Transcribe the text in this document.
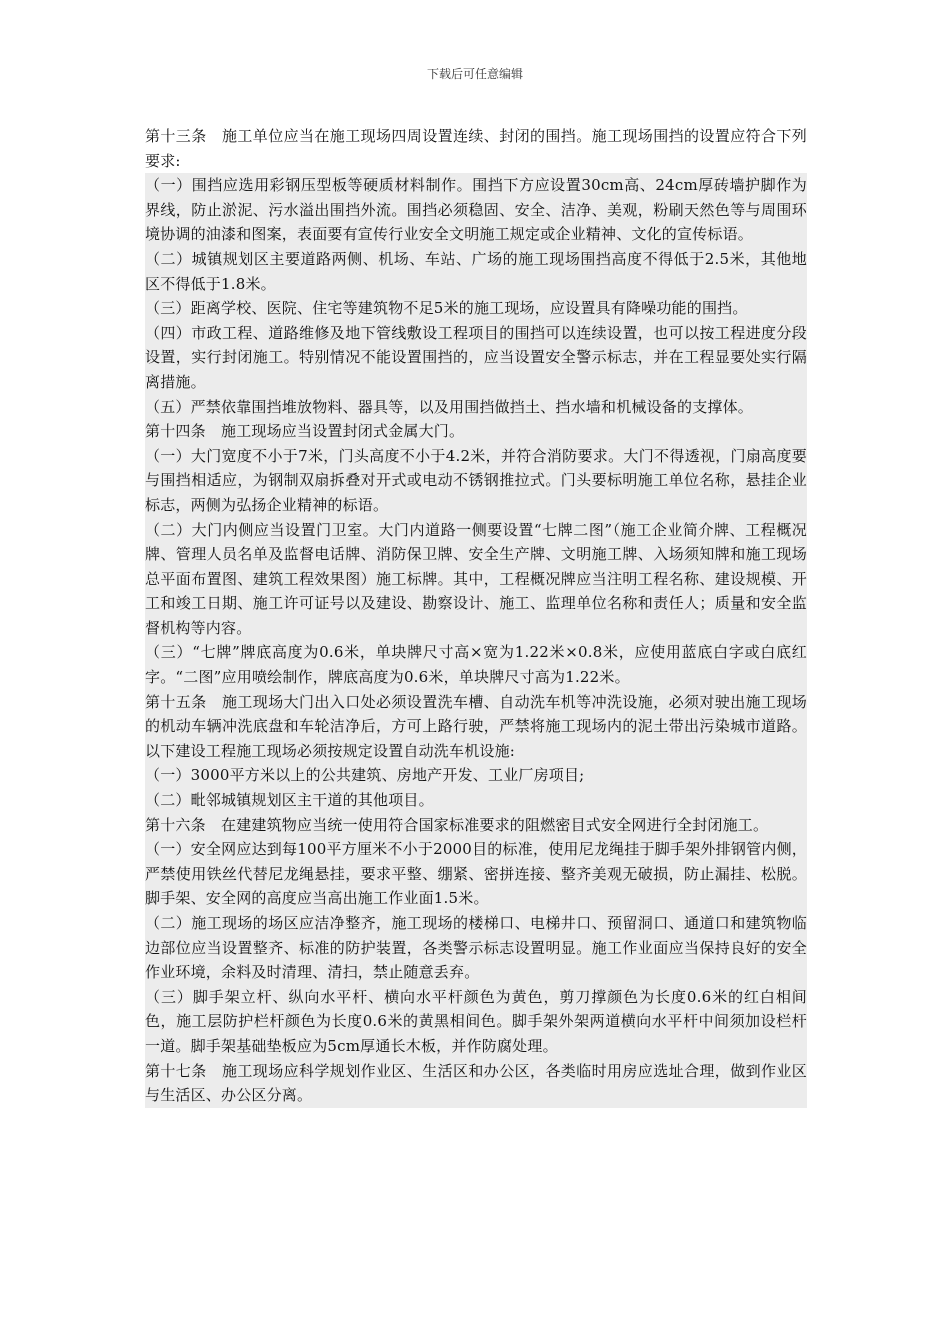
下载后可任意编辑

第十三条　施工单位应当在施工现场四周设置连续、封闭的围挡。施工现场围挡的设置应符合下列要求:

（一）围挡应选用彩钢压型板等硬质材料制作。围挡下方应设置30cm高、24cm厚砖墙护脚作为界线，防止淤泥、污水溢出围挡外流。围挡必须稳固、安全、洁净、美观，粉刷天然色等与周围环境协调的油漆和图案，表面要有宣传行业安全文明施工规定或企业精神、文化的宣传标语。

（二）城镇规划区主要道路两侧、机场、车站、广场的施工现场围挡高度不得低于2.5米，其他地区不得低于1.8米。

（三）距离学校、医院、住宅等建筑物不足5米的施工现场，应设置具有降噪功能的围挡。

（四）市政工程、道路维修及地下管线敷设工程项目的围挡可以连续设置，也可以按工程进度分段设置，实行封闭施工。特别情况不能设置围挡的，应当设置安全警示标志，并在工程显要处实行隔离措施。

（五）严禁依靠围挡堆放物料、器具等，以及用围挡做挡土、挡水墙和机械设备的支撑体。

第十四条　施工现场应当设置封闭式金属大门。

（一）大门宽度不小于7米，门头高度不小于4.2米，并符合消防要求。大门不得透视，门扇高度要与围挡相适应，为钢制双扇拆叠对开式或电动不锈钢推拉式。门头要标明施工单位名称，悬挂企业标志，两侧为弘扬企业精神的标语。

（二）大门内侧应当设置门卫室。大门内道路一侧要设置“七牌二图”（施工企业简介牌、工程概况牌、管理人员名单及监督电话牌、消防保卫牌、安全生产牌、文明施工牌、入场须知牌和施工现场总平面布置图、建筑工程效果图）施工标牌。其中，工程概况牌应当注明工程名称、建设规模、开工和竣工日期、施工许可证号以及建设、勘察设计、施工、监理单位名称和责任人；质量和安全监督机构等内容。

（三）“七牌”牌底高度为0.6米，单块牌尺寸高×宽为1.22米×0.8米，应使用蓝底白字或白底红字。“二图”应用喷绘制作，牌底高度为0.6米，单块牌尺寸高为1.22米。

第十五条　施工现场大门出入口处必须设置洗车槽、自动洗车机等冲洗设施，必须对驶出施工现场的机动车辆冲洗底盘和车轮洁净后，方可上路行驶，严禁将施工现场内的泥土带出污染城市道路。以下建设工程施工现场必须按规定设置自动洗车机设施:

（一）3000平方米以上的公共建筑、房地产开发、工业厂房项目;

（二）毗邻城镇规划区主干道的其他项目。

第十六条　在建建筑物应当统一使用符合国家标准要求的阻燃密目式安全网进行全封闭施工。

（一）安全网应达到每100平方厘米不小于2000目的标准，使用尼龙绳挂于脚手架外排钢管内侧，严禁使用铁丝代替尼龙绳悬挂，要求平整、绷紧、密拼连接、整齐美观无破损，防止漏挂、松脱。脚手架、安全网的高度应当高出施工作业面1.5米。

（二）施工现场的场区应洁净整齐，施工现场的楼梯口、电梯井口、预留洞口、通道口和建筑物临边部位应当设置整齐、标准的防护装置，各类警示标志设置明显。施工作业面应当保持良好的安全作业环境，余料及时清理、清扫，禁止随意丢弃。

（三）脚手架立杆、纵向水平杆、横向水平杆颜色为黄色，剪刀撑颜色为长度0.6米的红白相间色，施工层防护栏杆颜色为长度0.6米的黄黑相间色。脚手架外架两道横向水平杆中间须加设栏杆一道。脚手架基础垫板应为5cm厚通长木板，并作防腐处理。

第十七条　施工现场应科学规划作业区、生活区和办公区，各类临时用房应选址合理，做到作业区与生活区、办公区分离。
